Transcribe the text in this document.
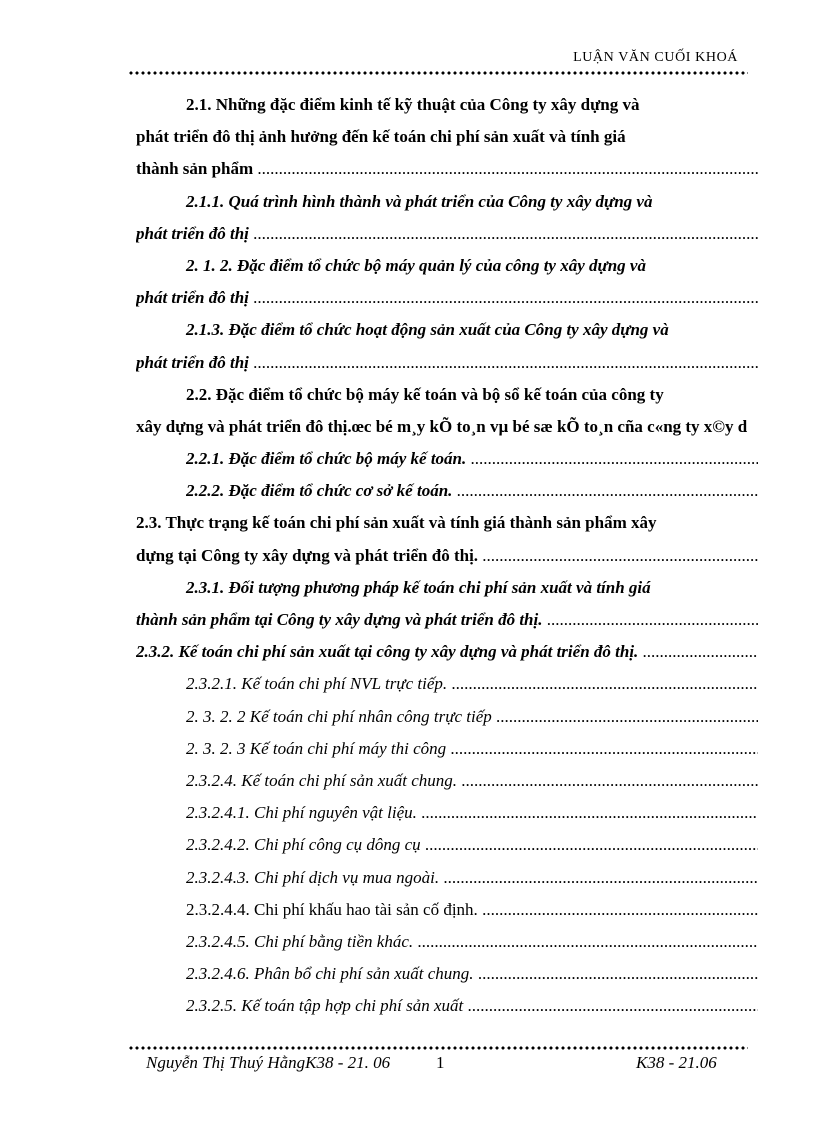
LUẬN VĂN CUỐI KHOÁ
2.1. Những đặc điểm kinh tế kỹ thuật của Công ty xây dựng và
phát triển đô thị ảnh hưởng đến kế toán chi phí sản xuất và tính giá
thành sản phẩm .....
2.1.1. Quá trình hình thành và phát triển của Công ty xây dựng và
phát triển đô thị .....
2. 1. 2. Đặc điểm tổ chức bộ máy quản lý của công ty xây dựng và
phát triển đô thị .....
2.1.3. Đặc điểm tổ chức hoạt động sản xuất của Công ty xây dựng và
phát triển đô thị .....
2.2. Đặc điểm tổ chức bộ máy kế toán và bộ sổ kế toán của công ty
xây dựng và phát triển đô thị.œc bé m¸y kÕ to¸n vµ bé sæ kÕ to¸n cña c«ng ty x©y d
2.2.1. Đặc điểm tổ chức bộ máy kế toán. .....
2.2.2. Đặc điểm tổ chức cơ sở kế toán. .....
2.3. Thực trạng kế toán chi phí sản xuất và tính giá thành sản phẩm xây
dựng tại Công ty xây dựng và phát triển đô thị. .....
2.3.1. Đối tượng phương pháp kế toán chi phí sản xuất và tính giá
thành sản phẩm tại Công ty xây dựng và phát triển đô thị. .....
2.3.2. Kế toán chi phí sản xuất tại công ty xây dựng và phát triển đô thị. .....
2.3.2.1. Kế toán chi phí NVL trực tiếp. .....
2. 3. 2. 2 Kế toán chi phí nhân công trực tiếp .....
2. 3. 2. 3 Kế toán chi phí máy thi công .....
2.3.2.4. Kế toán chi phí sản xuất chung. .....
2.3.2.4.1. Chi phí nguyên vật liệu. .....
2.3.2.4.2. Chi phí công cụ dông cụ .....
2.3.2.4.3. Chi phí dịch vụ mua ngoài. .....
2.3.2.4.4. Chi phí khấu hao tài sản cố định. .....
2.3.2.4.5. Chi phí bằng tiền khác. .....
2.3.2.4.6. Phân bổ chi phí sản xuất chung. .....
2.3.2.5. Kế toán tập hợp chi phí sản xuất .....
Nguyễn Thị Thuý HằngK38 - 21. 06	1	K38 - 21.06
